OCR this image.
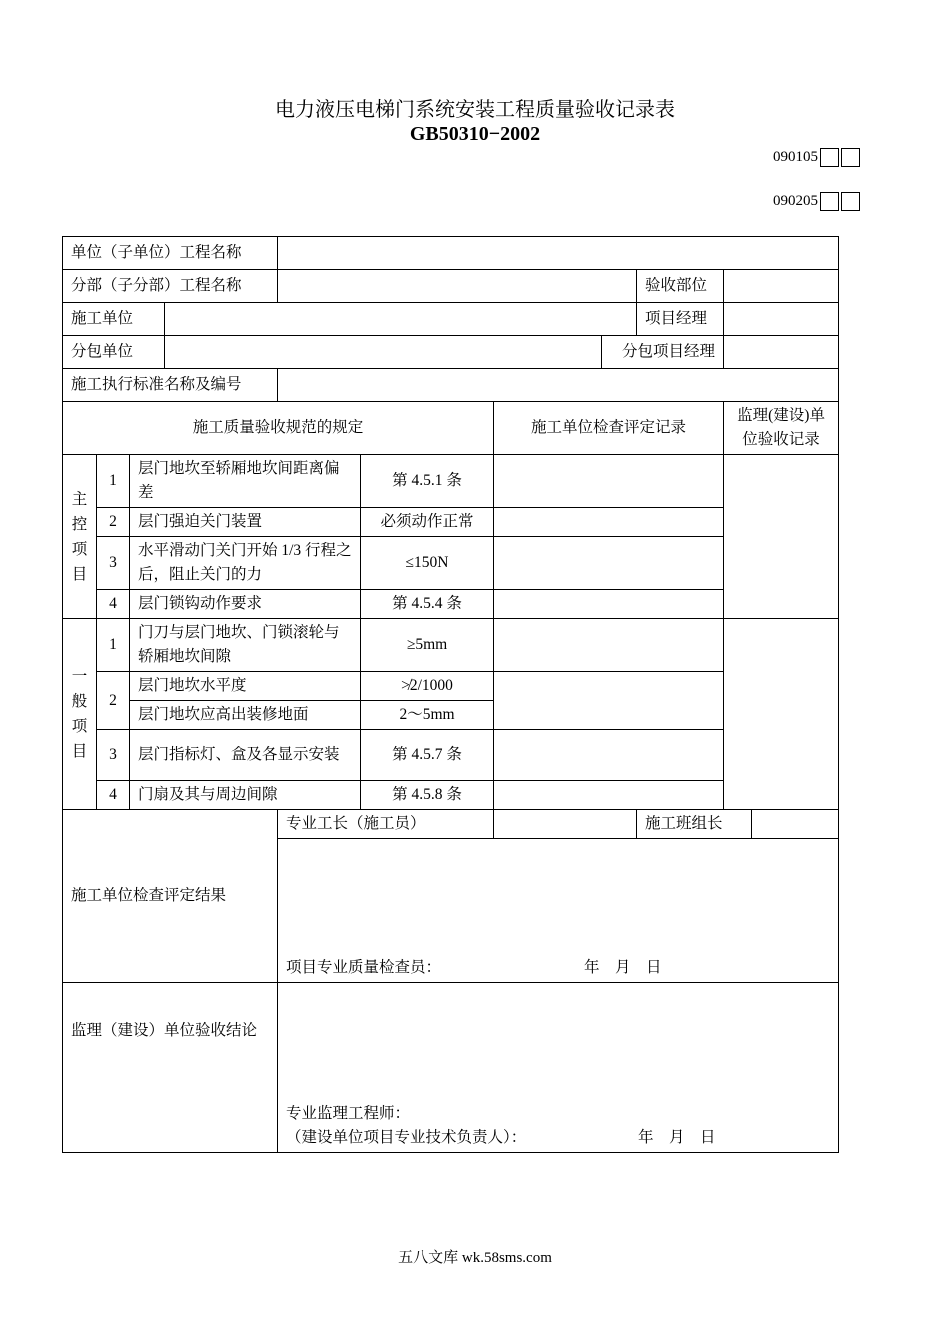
电力液压电梯门系统安装工程质量验收记录表
GB50310−2002
090105
090205
单位（子单位）工程名称										
分部（子分部）工程名称								验收部位		
施工单位								项目经理		
分包单位							分包项目经理			
施工执行标准名称及编号										
施工质量验收规范的规定						施工单位检查评定记录			监理(建设)单位验收记录	

主
控
项
目	1	层门地坎至轿厢地坎间距离偏差			第 4.5.1 条					
	2	层门强迫关门装置			必须动作正常					
	3	水平滑动门关门开始 1/3 行程之后，阻止关门的力			≤150N					
	4	层门锁钩动作要求			第 4.5.4 条					

一
般
项
目	1	门刀与层门地坎、门锁滚轮与轿厢地坎间隙			≥5mm					
	2	层门地坎水平度			≯2/1000					
		层门地坎应高出装修地面			2～5mm					
	3	层门指标灯、盒及各显示安装			第 4.5.7 条					
	4	门扇及其与周边间隙			第 4.5.8 条					
施工单位检查评定结果				专业工长（施工员）				施工班组长		

				项目专业质量检查员： 年　月　日						

监理（建设）单位验收结论				专业监理工程师：
（建设单位项目专业技术负责人）： 年　月　日						
五八文库 wk.58sms.com
